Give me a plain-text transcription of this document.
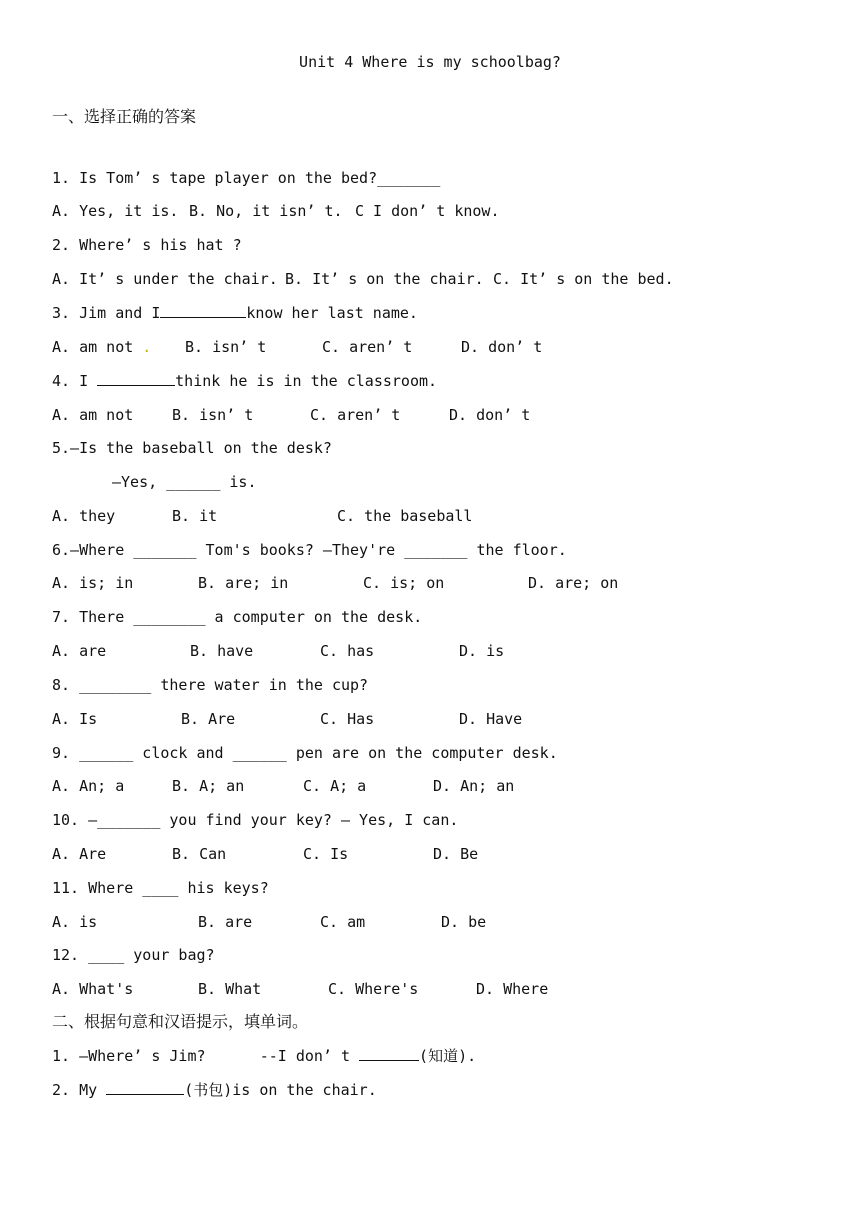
Unit 4 Where is my schoolbag?
一、选择正确的答案
1. Is Tom’ s tape player on the bed?_______

A. Yes, it is.

B. No, it isn’ t.

C I don’ t know.

2. Where’ s his hat ?

A. It’ s under the chair.

B. It’ s on the chair.

C. It’ s on the bed.

3. Jim and I	know her last name.

A. am not .

B. isn’ t

	C. aren’ t

	D. don’ t

4. I	think he is in the classroom.

A. am not

	B. isn’ t

	C. aren’ t

	D. don’ t

5.—Is the baseball on the desk?
—Yes, ______ is.

A. they

	B. it

	C. the baseball

6.—Where _______ Tom's books? —They're _______ the floor.

A. is; in

	B. are; in

	C. is; on

	D. are; on

7. There ________ a computer on the desk.

A. are

	B. have

	C. has

	D. is

8. ________ there water in the cup?

A. Is

	B. Are

	C. Has

	D. Have

9. ______ clock and ______ pen are on the computer desk.

A. An; a

	B. A; an

	C. A; a

	D. An; an

10. —_______ you find your key? — Yes, I can.

A. Are

	B. Can

	C. Is

	D. Be

11. Where ____ his keys?

A. is

	B. are

	C. am

	D. be

12. ____ your bag?

A. What's

	B. What

	C. Where's

	D. Where

二、根据句意和汉语提示，填单词。
1. –Where’ s Jim?      --I don’ t	(知道).
2. My	(书包)is on the chair.
